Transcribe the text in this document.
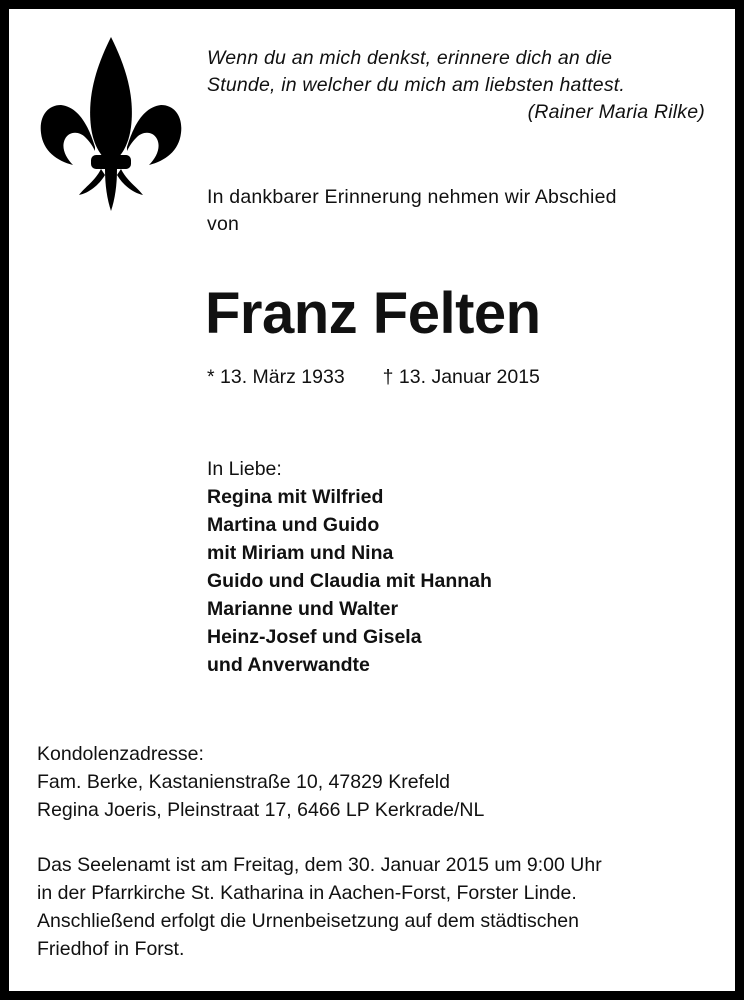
Wenn du an mich denkst, erinnere dich an die
Stunde, in welcher du mich am liebsten hattest.
(Rainer Maria Rilke)
In dankbarer Erinnerung nehmen wir Abschied
von
Franz Felten
* 13. März 1933 † 13. Januar 2015
In Liebe:
Regina mit Wilfried
Martina und Guido
mit Miriam und Nina
Guido und Claudia mit Hannah
Marianne und Walter
Heinz-Josef und Gisela
und Anverwandte
Kondolenzadresse:
Fam. Berke, Kastanienstraße 10, 47829 Krefeld
Regina Joeris, Pleinstraat 17, 6466 LP Kerkrade/NL
Das Seelenamt ist am Freitag, dem 30. Januar 2015 um 9:00 Uhr
in der Pfarrkirche St. Katharina in Aachen-Forst, Forster Linde.
Anschließend erfolgt die Urnenbeisetzung auf dem städtischen
Friedhof in Forst.
